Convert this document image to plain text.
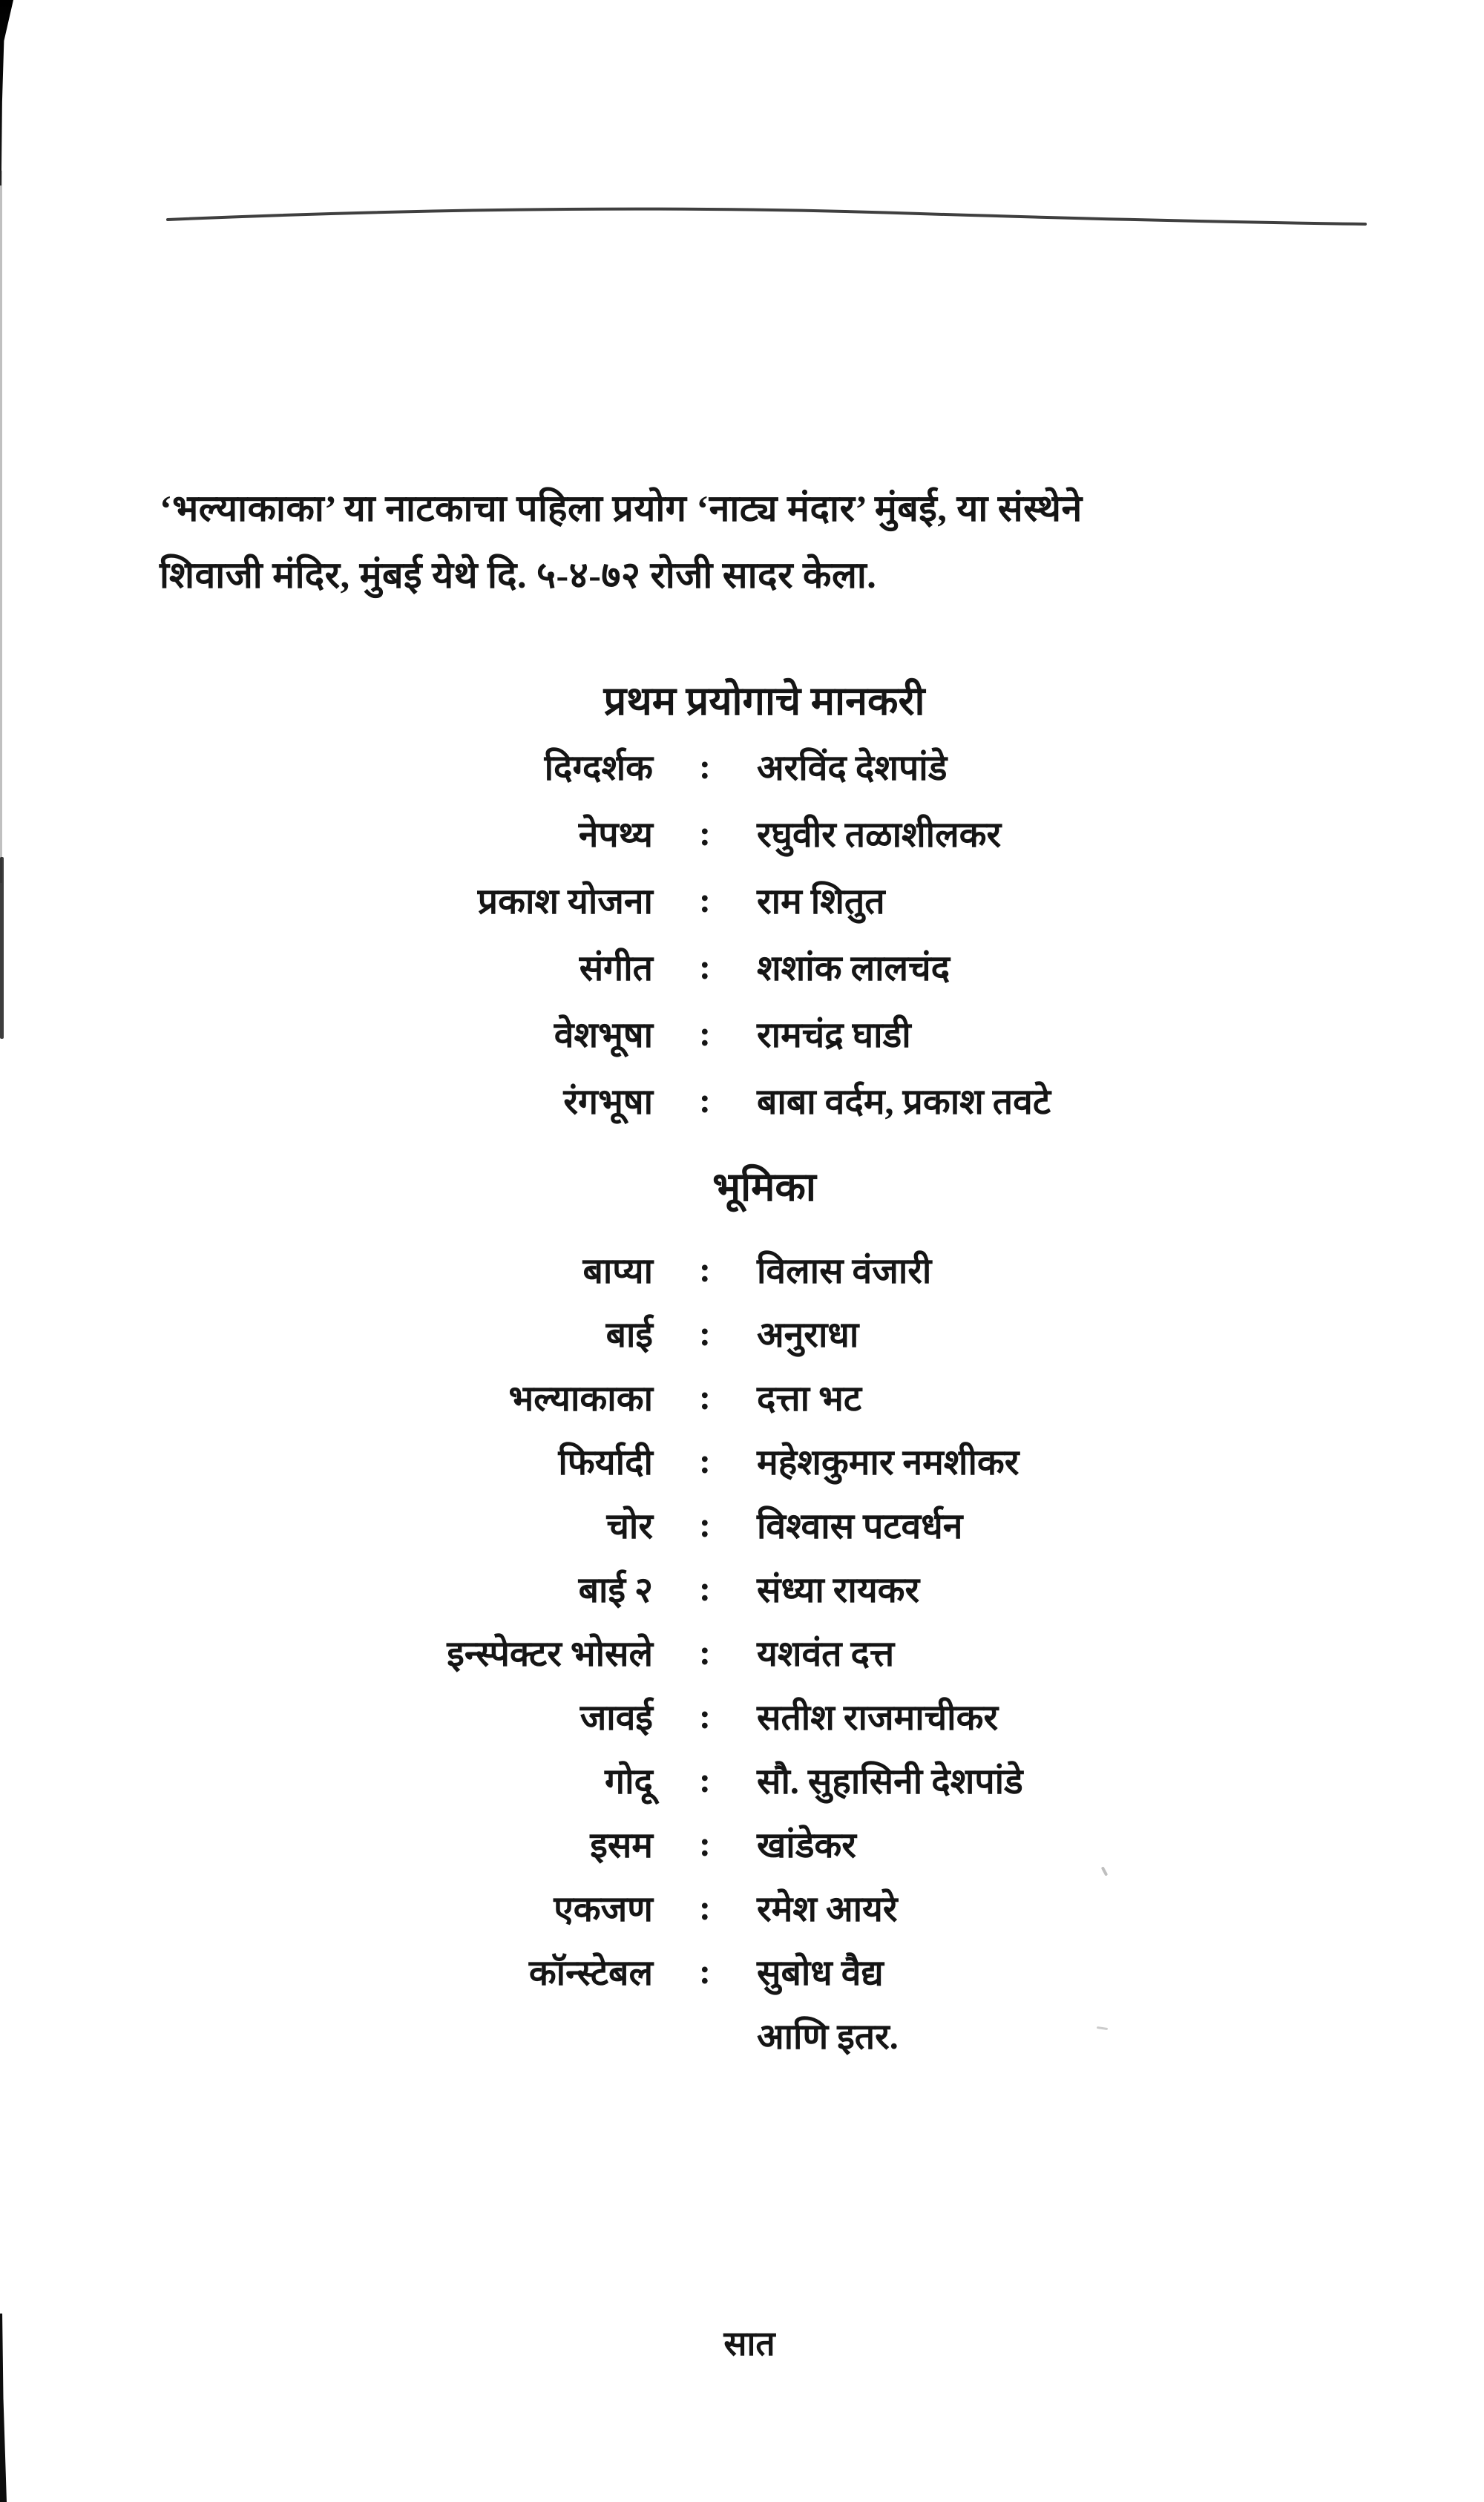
‘भल्याकाका’ या नाटकाचा पहिला प्रयोग ‘नाट्य मंदार’ मुंबई, या संस्थेने
शिवाजी मंदिर, मुंबई येथे दि. ५-४-७२ रोजी सादर केला.
प्रथम प्रयोगाचे मानकरी
दिग्दर्शक	:	अरविंद देशपांडे
नेपथ्य	:	रघुवीर तळाशीलकर
प्रकाश योजना	:	राम शितुत
संगीत	:	शशांक लालचंद
वेशभूषा	:	रामचंद्र घाडी
रंगभूषा	:	बाबा वर्दम, प्रकाश तवटे
भूमिका
बाप्या	:	विलास वंजारी
बाई	:	अनुराधा
भल्याकाका	:	दत्ता भट
फिर्यादी	:	महेशकुमार नमशीकर
चोर	:	विश्वास पटवर्धन
बाई २	:	संध्या रायकर
इन्स्पेक्टर भोसले	:	यशवंत दत्त
जावई	:	सतीश राजमाचीकर
गोदू	:	सौ. सुहासिनी देशपांडे
इसम	:	खांडेकर
एकजण	:	रमेश आयरे
कॉन्स्टेबल	:	सुबोध वैद्य
आणि इतर.
सात
